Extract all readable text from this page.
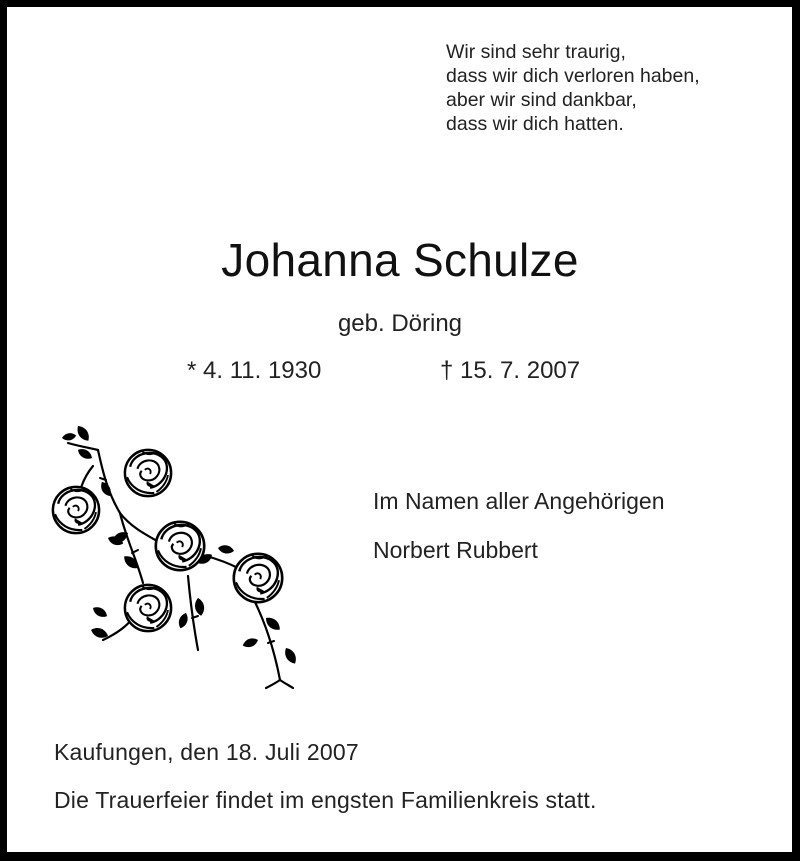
Wir sind sehr traurig,
dass wir dich verloren haben,
aber wir sind dankbar,
dass wir dich hatten.
Johanna Schulze
geb. Döring
* 4. 11. 1930	† 15. 7. 2007
Im Namen aller Angehörigen
Norbert Rubbert
Kaufungen, den 18. Juli 2007
Die Trauerfeier findet im engsten Familienkreis statt.
